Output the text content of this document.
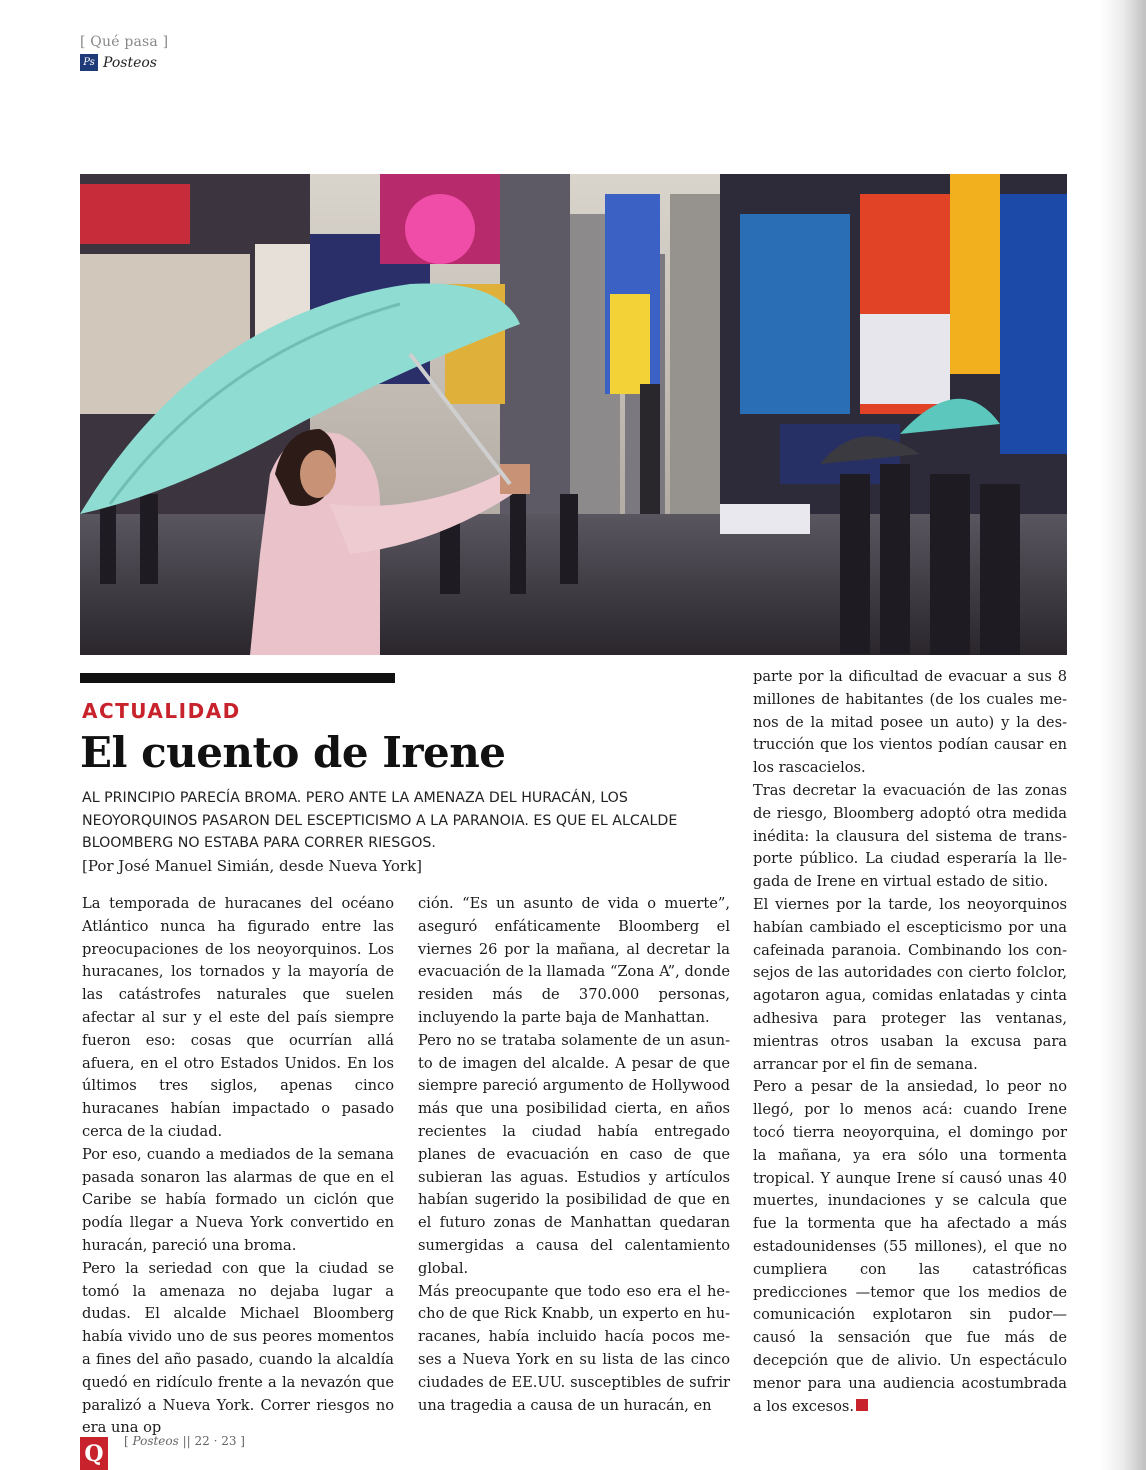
[ Qué pasa ]
Ps Posteos
ACTUALIDAD
El cuento de Irene

AL PRINCIPIO PARECÍA BROMA. PERO ANTE LA AMENAZA DEL HURACÁN, LOS NEOYORQUINOS PASARON DEL ESCEPTICISMO A LA PARANOIA. ES QUE EL ALCALDE BLOOMBERG NO ESTABA PARA CORRER RIESGOS.

[Por José Manuel Simián, desde Nueva York]

La temporada de huracanes del océano Atlántico nunca ha figurado entre las preocupaciones de los neoyorquinos. Los huracanes, los tornados y la mayoría de las catástrofes naturales que suelen afectar al sur y el este del país siempre fueron eso: cosas que ocurrían allá afuera, en el otro Estados Unidos. En los últimos tres siglos, apenas cinco huracanes habían impactado o pasado cerca de la ciudad.

Por eso, cuando a mediados de la semana pasada sonaron las alarmas de que en el Caribe se había formado un ciclón que podía llegar a Nueva York convertido en huracán, pareció una broma.

Pero la seriedad con que la ciudad se tomó la amenaza no dejaba lugar a dudas. El alcalde Michael Bloomberg había vivido uno de sus peores momentos a fines del año pasado, cuando la alcaldía quedó en ridículo frente a la nevazón que paralizó a Nueva York. Correr riesgos no era una op

ción. “Es un asunto de vida o muerte”, aseguró enfáticamente Bloomberg el viernes 26 por la mañana, al decretar la evacuación de la llamada “Zona A”, donde residen más de 370.000 personas, incluyendo la parte baja de Manhattan.

Pero no se trataba solamente de un asunto de imagen del alcalde. A pesar de que siempre pareció argumento de Hollywood más que una posibilidad cierta, en años recientes la ciudad había entregado planes de evacuación en caso de que subieran las aguas. Estudios y artículos habían sugerido la posibilidad de que en el futuro zonas de Manhattan quedaran sumergidas a causa del calentamiento global.

Más preocupante que todo eso era el hecho de que Rick Knabb, un experto en huracanes, había incluido hacía pocos meses a Nueva York en su lista de las cinco ciudades de EE.UU. susceptibles de sufrir una tragedia a causa de un huracán, en

parte por la dificultad de evacuar a sus 8 millones de habitantes (de los cuales menos de la mitad posee un auto) y la destrucción que los vientos podían causar en los rascacielos.

Tras decretar la evacuación de las zonas de riesgo, Bloomberg adoptó otra medida inédita: la clausura del sistema de transporte público. La ciudad esperaría la llegada de Irene en virtual estado de sitio.

El viernes por la tarde, los neoyorquinos habían cambiado el escepticismo por una cafeinada paranoia. Combinando los consejos de las autoridades con cierto folclor, agotaron agua, comidas enlatadas y cinta adhesiva para proteger las ventanas, mientras otros usaban la excusa para arrancar por el fin de semana.

Pero a pesar de la ansiedad, lo peor no llegó, por lo menos acá: cuando Irene tocó tierra neoyorquina, el domingo por la mañana, ya era sólo una tormenta tropical. Y aunque Irene sí causó unas 40 muertes, inundaciones y se calcula que fue la tormenta que ha afectado a más estadounidenses (55 millones), el que no cumpliera con las catastróficas predicciones —temor que los medios de comunicación explotaron sin pudor— causó la sensación que fue más de decepción que de alivio. Un espectáculo menor para una audiencia acostumbrada a los excesos.

Q	[ Posteos || 22 · 23 ]
